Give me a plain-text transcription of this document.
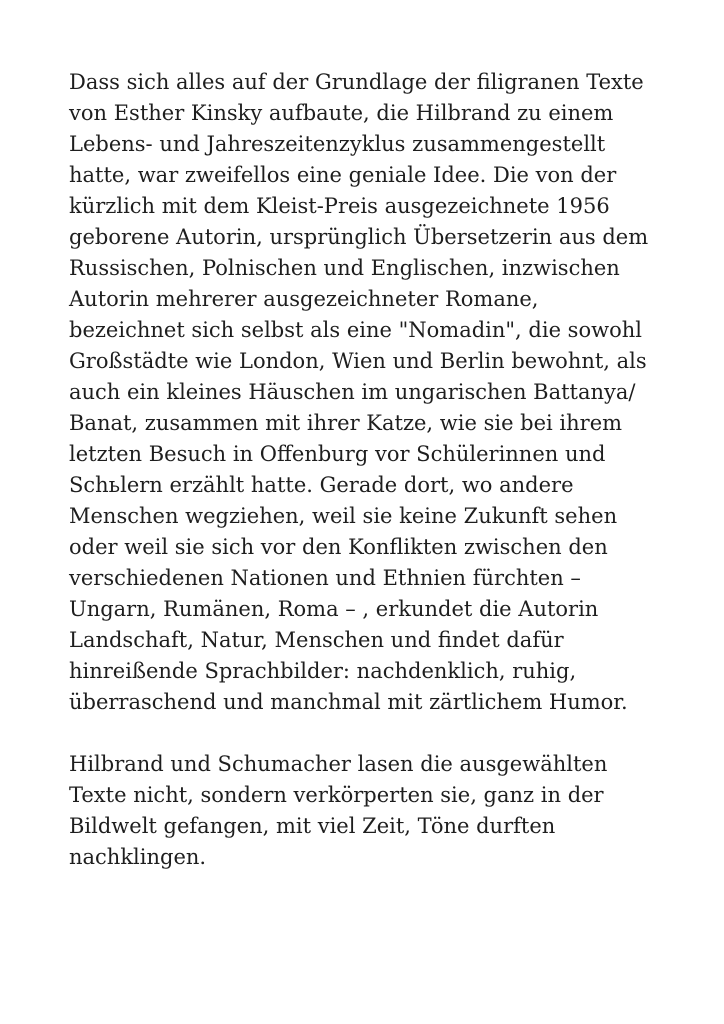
Dass sich alles auf der Grundlage der filigranen Texte
von Esther Kinsky aufbaute, die Hilbrand zu einem
Lebens- und Jahreszeitenzyklus zusammengestellt
hatte, war zweifellos eine geniale Idee. Die von der
kürzlich mit dem Kleist-Preis ausgezeichnete 1956
geborene Autorin, ursprünglich Übersetzerin aus dem
Russischen, Polnischen und Englischen, inzwischen
Autorin mehrerer ausgezeichneter Romane,
bezeichnet sich selbst als eine "Nomadin", die sowohl
Großstädte wie London, Wien und Berlin bewohnt, als
auch ein kleines Häuschen im ungarischen Battanya/
Banat, zusammen mit ihrer Katze, wie sie bei ihrem
letzten Besuch in Offenburg vor Schülerinnen und
Schьlern erzählt hatte. Gerade dort, wo andere
Menschen wegziehen, weil sie keine Zukunft sehen
oder weil sie sich vor den Konflikten zwischen den
verschiedenen Nationen und Ethnien fürchten –
Ungarn, Rumänen, Roma – , erkundet die Autorin
Landschaft, Natur, Menschen und findet dafür
hinreißende Sprachbilder: nachdenklich, ruhig,
überraschend und manchmal mit zärtlichem Humor.
Hilbrand und Schumacher lasen die ausgewählten
Texte nicht, sondern verkörperten sie, ganz in der
Bildwelt gefangen, mit viel Zeit, Töne durften
nachklingen.
